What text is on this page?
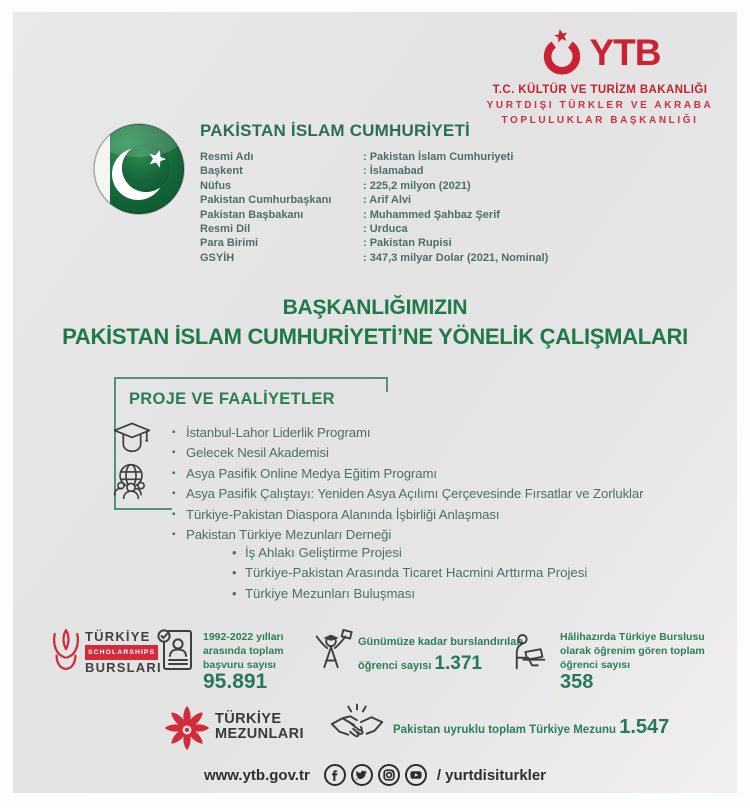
YTB
T.C. KÜLTÜR VE TURİZM BAKANLIĞI
YURTDIŞI TÜRKLER VE AKRABA
TOPLULUKLAR BAŞKANLIĞI
PAKİSTAN İSLAM CUMHURİYETİ
Resmi Adı	: Pakistan İslam Cumhuriyeti
Başkent	: İslamabad
Nüfus	: 225,2 milyon (2021)
Pakistan Cumhurbaşkanı	: Arif Alvi
Pakistan Başbakanı	: Muhammed Şahbaz Şerif
Resmi Dil	: Urduca
Para Birimi	: Pakistan Rupisi
GSYİH	: 347,3 milyar Dolar (2021, Nominal)
BAŞKANLIĞIMIZIN
PAKİSTAN İSLAM CUMHURİYETİ’NE YÖNELİK ÇALIŞMALARI
PROJE VE FAALİYETLER
▪ İstanbul-Lahor Liderlik Programı
▪ Gelecek Nesil Akademisi
▪ Asya Pasifik Online Medya Eğitim Programı
▪ Asya Pasifik Çalıştayı: Yeniden Asya Açılımı Çerçevesinde Fırsatlar ve Zorluklar
▪ Türkiye-Pakistan Diaspora Alanında İşbirliği Anlaşması
▪ Pakistan Türkiye Mezunları Derneği
• İş Ahlakı Geliştirme Projesi
• Türkiye-Pakistan Arasında Ticaret Hacmini Arttırma Projesi
• Türkiye Mezunları Buluşması
TÜRKİYE
SCHOLARSHIPS
BURSLARI
1992-2022 yılları
arasında toplam
başvuru sayısı
95.891
Günümüze kadar burslandırılan
öğrenci sayısı 1.371
Hâlihazırda Türkiye Burslusu
olarak öğrenim gören toplam
öğrenci sayısı
358
TÜRKİYE
MEZUNLARI	Pakistan uyruklu toplam Türkiye Mezunu 1.547
www.ytb.gov.tr	/ yurtdisiturkler
